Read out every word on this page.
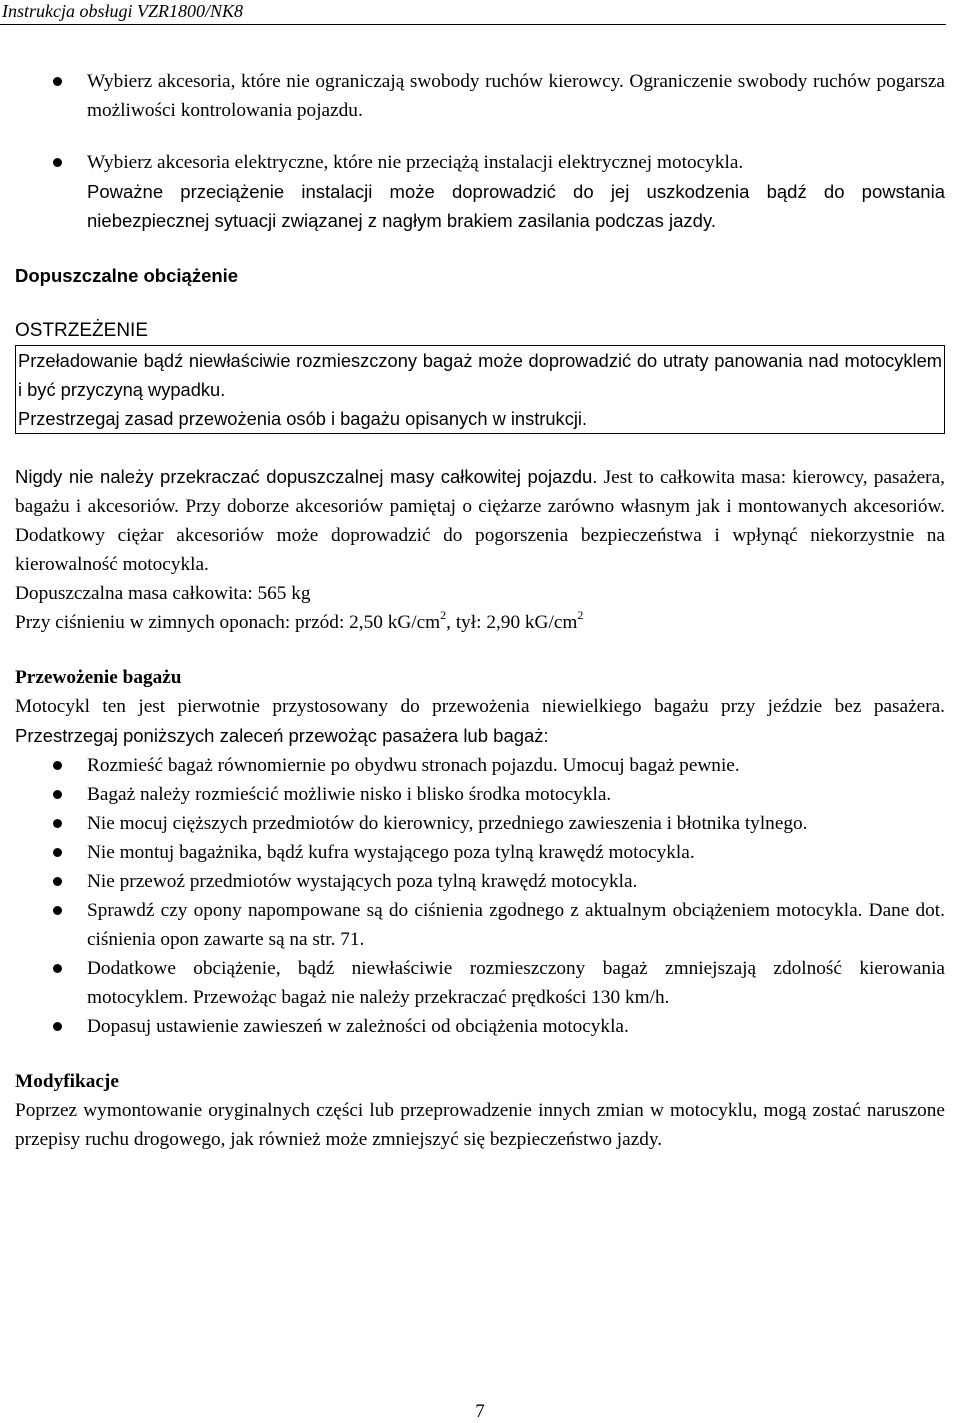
Instrukcja obsługi VZR1800/NK8
Wybierz akcesoria, które nie ograniczają swobody ruchów kierowcy. Ograniczenie swobody ruchów pogarsza możliwości kontrolowania pojazdu.
Wybierz akcesoria elektryczne, które nie przeciążą instalacji elektrycznej motocykla.
Poważne przeciążenie instalacji może doprowadzić do jej uszkodzenia bądź do powstania niebezpiecznej sytuacji związanej z nagłym brakiem zasilania podczas jazdy.
Dopuszczalne obciążenie
OSTRZEŻENIE
Przeładowanie bądź niewłaściwie rozmieszczony bagaż może doprowadzić do utraty panowania nad motocyklem i być przyczyną wypadku.
Przestrzegaj zasad przewożenia osób i bagażu opisanych w instrukcji.
Nigdy nie należy przekraczać dopuszczalnej masy całkowitej pojazdu. Jest to całkowita masa: kierowcy, pasażera, bagażu i akcesoriów. Przy doborze akcesoriów pamiętaj o ciężarze zarówno własnym jak i montowanych akcesoriów. Dodatkowy ciężar akcesoriów może doprowadzić do pogorszenia bezpieczeństwa i wpłynąć niekorzystnie na kierowalność motocykla.
Dopuszczalna masa całkowita: 565 kg
Przy ciśnieniu w zimnych oponach: przód: 2,50 $kG/cm^2$, tył: 2,90 $kG/cm^2$
Przewożenie bagażu
Motocykl ten jest pierwotnie przystosowany do przewożenia niewielkiego bagażu przy jeździe bez pasażera. Przestrzegaj poniższych zaleceń przewożąc pasażera lub bagaż:
Rozmieść bagaż równomiernie po obydwu stronach pojazdu. Umocuj bagaż pewnie.
Bagaż należy rozmieścić możliwie nisko i blisko środka motocykla.
Nie mocuj cięższych przedmiotów do kierownicy, przedniego zawieszenia i błotnika tylnego.
Nie montuj bagażnika, bądź kufra wystającego poza tylną krawędź motocykla.
Nie przewoź przedmiotów wystających poza tylną krawędź motocykla.
Sprawdź czy opony napompowane są do ciśnienia zgodnego z aktualnym obciążeniem motocykla. Dane dot. ciśnienia opon zawarte są na str. 71.
Dodatkowe obciążenie, bądź niewłaściwie rozmieszczony bagaż zmniejszają zdolność kierowania motocyklem. Przewożąc bagaż nie należy przekraczać prędkości 130 km/h.
Dopasuj ustawienie zawieszeń w zależności od obciążenia motocykla.
Modyfikacje
Poprzez wymontowanie oryginalnych części lub przeprowadzenie innych zmian w motocyklu, mogą zostać naruszone przepisy ruchu drogowego, jak również może zmniejszyć się bezpieczeństwo jazdy.
7
